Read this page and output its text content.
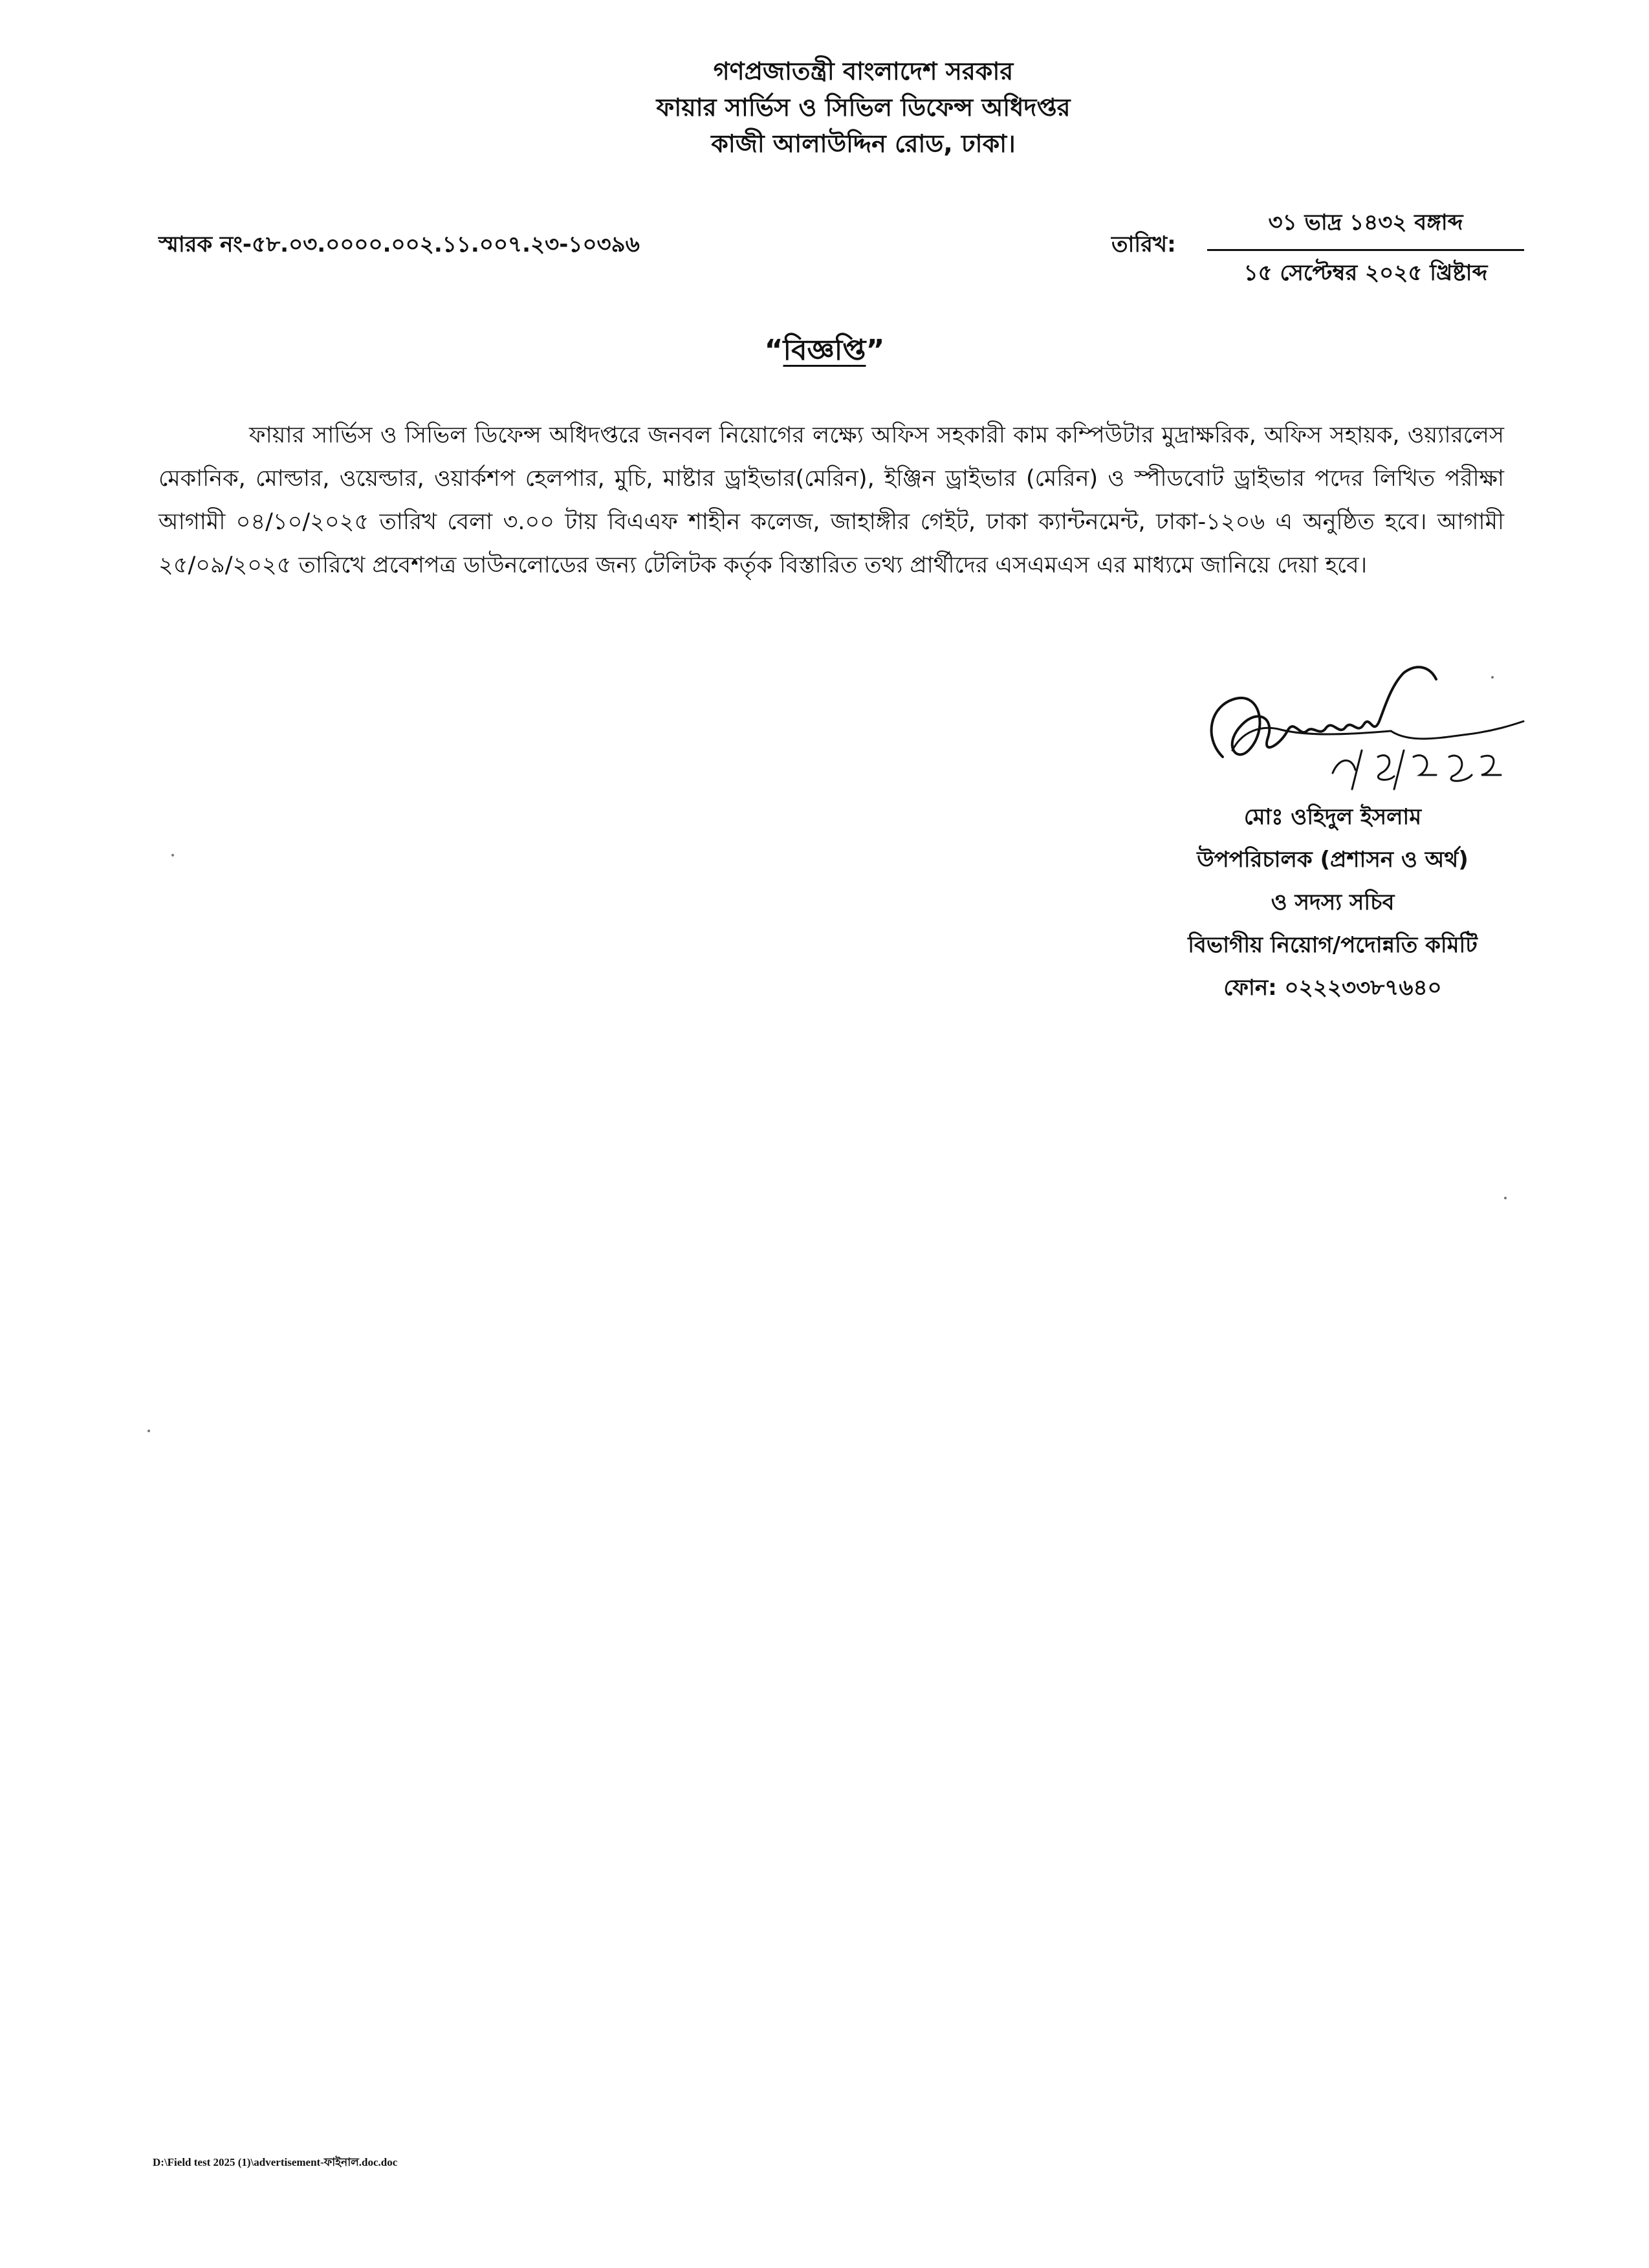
গণপ্রজাতন্ত্রী বাংলাদেশ সরকার
ফায়ার সার্ভিস ও সিভিল ডিফেন্স অধিদপ্তর
কাজী আলাউদ্দিন রোড, ঢাকা।
স্মারক নং-৫৮.০৩.০০০০.০০২.১১.০০৭.২৩-১০৩৯৬	তারিখ:
৩১ ভাদ্র ১৪৩২ বঙ্গাব্দ
১৫ সেপ্টেম্বর ২০২৫ খ্রিষ্টাব্দ
“বিজ্ঞপ্তি”
ফায়ার সার্ভিস ও সিভিল ডিফেন্স অধিদপ্তরে জনবল নিয়োগের লক্ষ্যে অফিস সহকারী কাম কম্পিউটার মুদ্রাক্ষরিক, অফিস সহায়ক, ওয়্যারলেস মেকানিক, মোল্ডার, ওয়েল্ডার, ওয়ার্কশপ হেলপার, মুচি, মাষ্টার ড্রাইভার(মেরিন), ইঞ্জিন ড্রাইভার (মেরিন) ও স্পীডবোট ড্রাইভার পদের লিখিত পরীক্ষা আগামী ০৪/১০/২০২৫ তারিখ বেলা ৩.০০ টায় বিএএফ শাহীন কলেজ, জাহাঙ্গীর গেইট, ঢাকা ক্যান্টনমেন্ট, ঢাকা-১২০৬ এ অনুষ্ঠিত হবে। আগামী ২৫/০৯/২০২৫ তারিখে প্রবেশপত্র ডাউনলোডের জন্য টেলিটক কর্তৃক বিস্তারিত তথ্য প্রার্থীদের এসএমএস এর মাধ্যমে জানিয়ে দেয়া হবে।
মোঃ ওহিদুল ইসলাম
উপপরিচালক (প্রশাসন ও অর্থ)
ও সদস্য সচিব
বিভাগীয় নিয়োগ/পদোন্নতি কমিটি
ফোন: ০২২২৩৩৮৭৬৪০
D:\Field test 2025 (1)\advertisement-ফাইনাল.doc.doc
